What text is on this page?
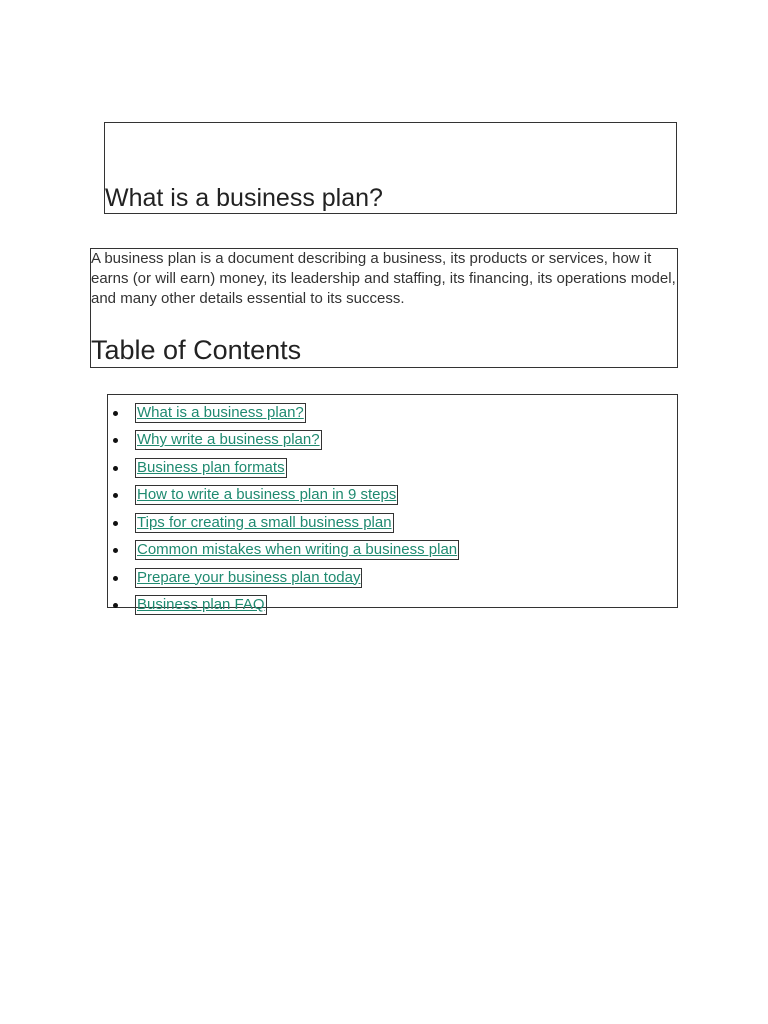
What is a business plan?

A business plan is a document describing a business, its products or services, how it earns (or will earn) money, its leadership and staffing, its financing, its operations model, and many other details essential to its success.

Table of Contents
What is a business plan?
Why write a business plan?
Business plan formats
How to write a business plan in 9 steps
Tips for creating a small business plan
Common mistakes when writing a business plan
Prepare your business plan today
Business plan FAQ
